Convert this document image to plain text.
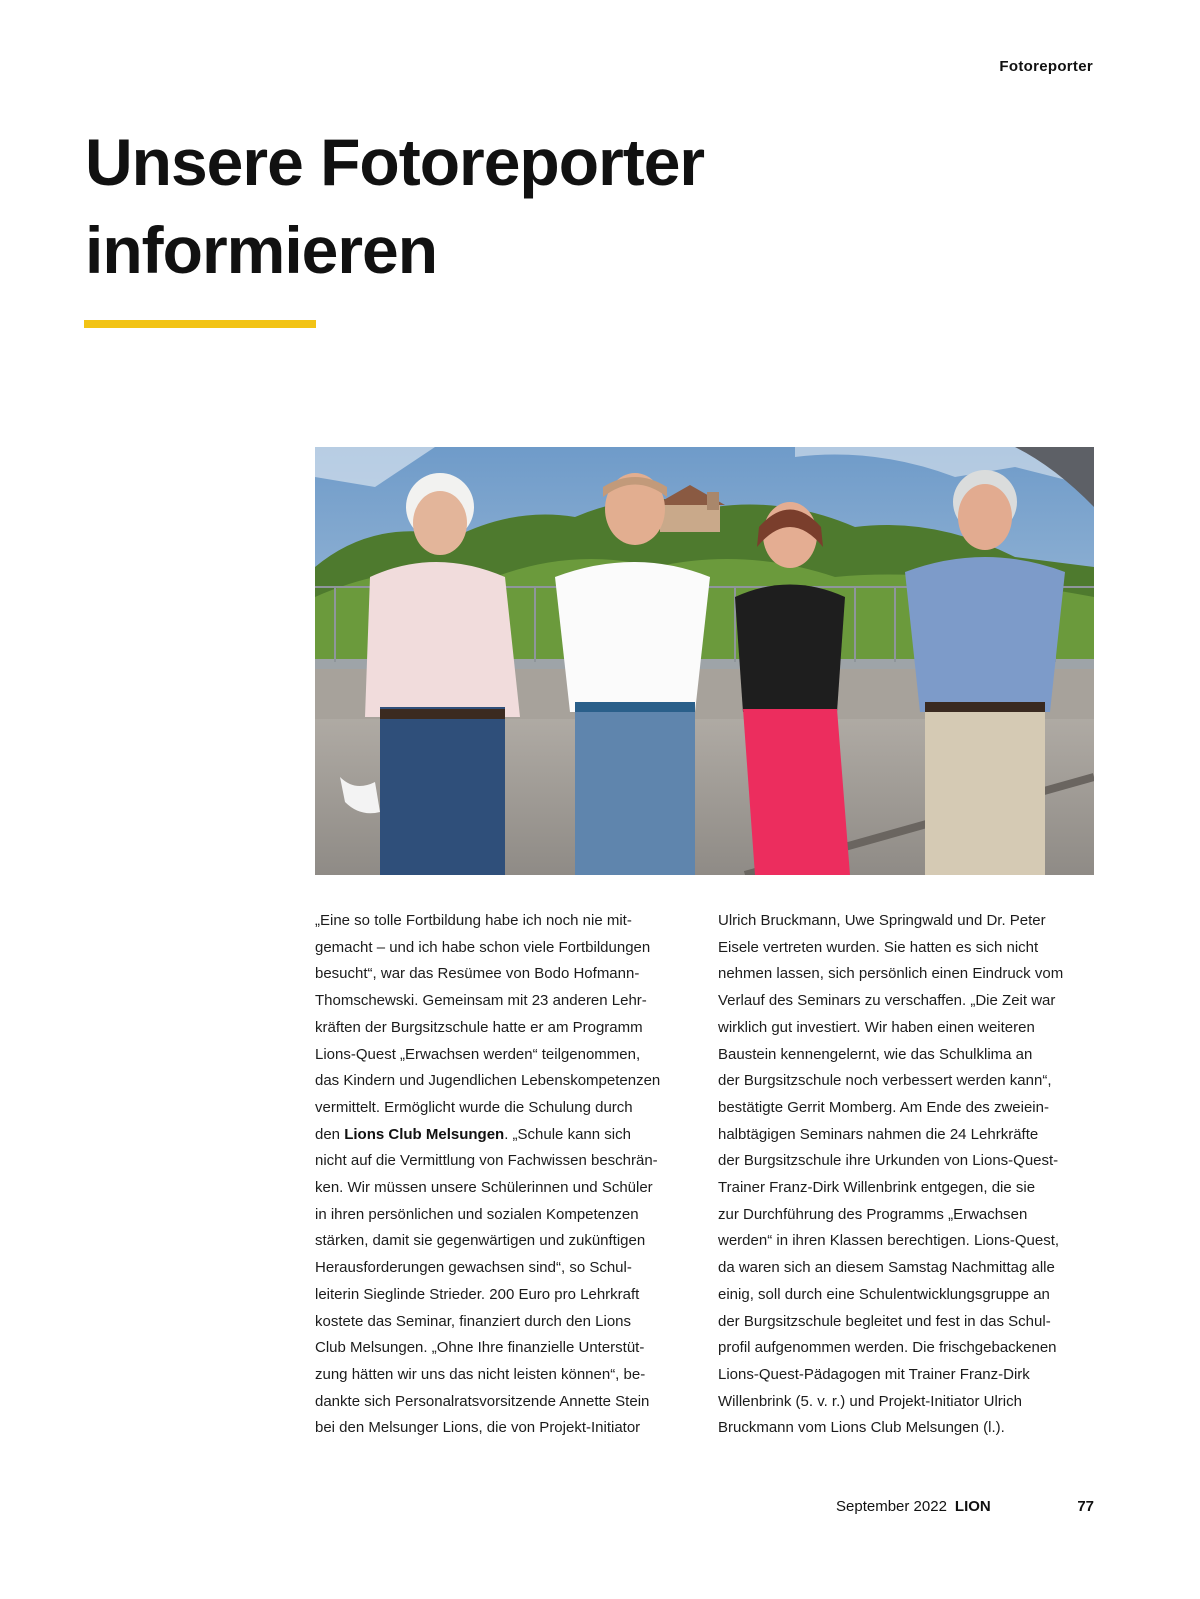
Fotoreporter
Unsere Fotoreporter
informieren

„Eine so tolle Fortbildung habe ich noch nie mit-

gemacht – und ich habe schon viele Fortbildungen

besucht“, war das Resümee von Bodo Hofmann-

Thomschewski. Gemeinsam mit 23 anderen Lehr-

kräften der Burgsitzschule hatte er am Programm

Lions-Quest „Erwachsen werden“ teilgenommen,

das Kindern und Jugendlichen Lebenskompetenzen

vermittelt. Ermöglicht wurde die Schulung durch

den Lions Club Melsungen. „Schule kann sich

nicht auf die Vermittlung von Fachwissen beschrän-

ken. Wir müssen unsere Schülerinnen und Schüler

in ihren persönlichen und sozialen Kompetenzen

stärken, damit sie gegenwärtigen und zukünftigen

Herausforderungen gewachsen sind“, so Schul-

leiterin Sieglinde Strieder. 200 Euro pro Lehrkraft

kostete das Seminar, finanziert durch den Lions

Club Melsungen. „Ohne Ihre finanzielle Unterstüt-

zung hätten wir uns das nicht leisten können“, be-

dankte sich Personalratsvorsitzende Annette Stein

bei den Melsunger Lions, die von Projekt-Initiator

Ulrich Bruckmann, Uwe Springwald und Dr. Peter

Eisele vertreten wurden. Sie hatten es sich nicht

nehmen lassen, sich persönlich einen Eindruck vom

Verlauf des Seminars zu verschaffen. „Die Zeit war

wirklich gut investiert. Wir haben einen weiteren

Baustein kennengelernt, wie das Schulklima an

der Burgsitzschule noch verbessert werden kann“,

bestätigte Gerrit Momberg. Am Ende des zweiein-

halbtägigen Seminars nahmen die 24 Lehrkräfte

der Burgsitzschule ihre Urkunden von Lions-Quest-

Trainer Franz-Dirk Willenbrink entgegen, die sie

zur Durchführung des Programms „Erwachsen

werden“ in ihren Klassen berechtigen. Lions-Quest,

da waren sich an diesem Samstag Nachmittag alle

einig, soll durch eine Schulentwicklungsgruppe an

der Burgsitzschule begleitet und fest in das Schul-

profil aufgenommen werden. Die frischgebackenen

Lions-Quest-Pädagogen mit Trainer Franz-Dirk

Willenbrink (5. v. r.) und Projekt-Initiator Ulrich

Bruckmann vom Lions Club Melsungen (l.).

September 2022 LION	77
